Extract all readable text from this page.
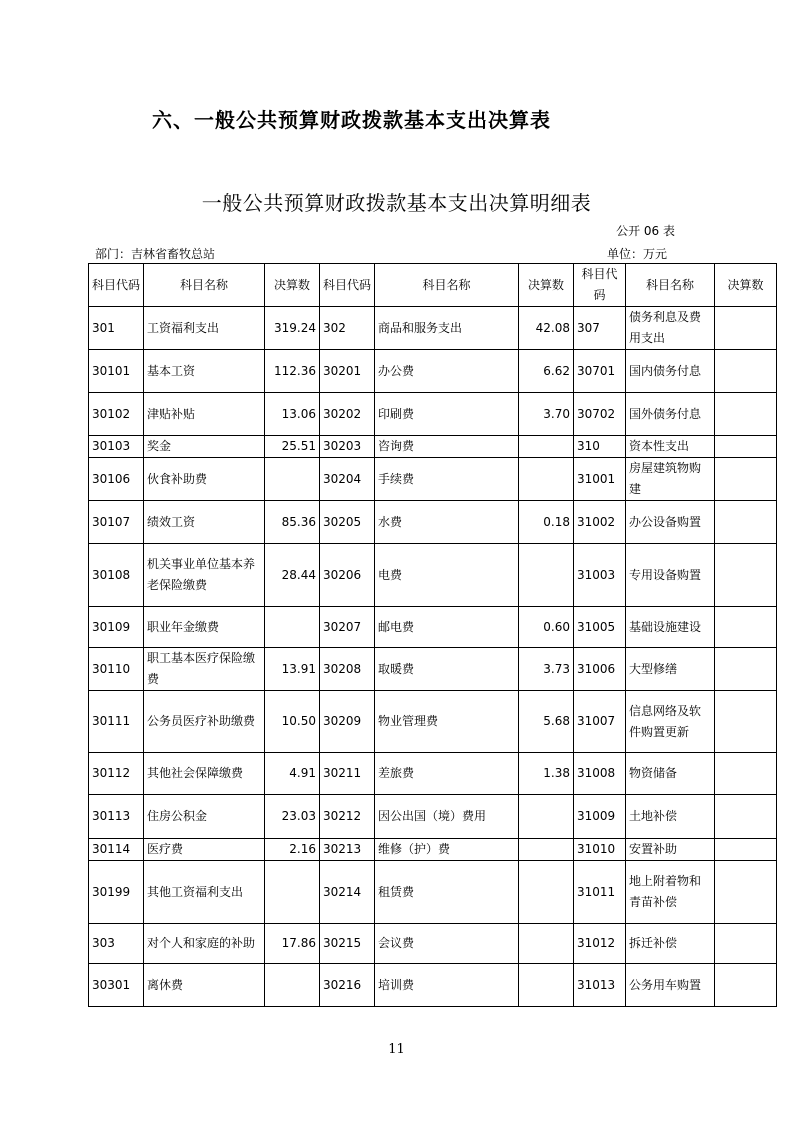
六、一般公共预算财政拨款基本支出决算表
一般公共预算财政拨款基本支出决算明细表
公开 06 表
部门：吉林省畜牧总站	单位：万元
科目代码	科目名称	决算数	科目代码	科目名称	决算数	科目代码	科目名称	决算数
301	工资福利支出	319.24	302	商品和服务支出	42.08	307	债务利息及费用支出	
30101	基本工资	112.36	30201	办公费	6.62	30701	国内债务付息	
30102	津贴补贴	13.06	30202	印刷费	3.70	30702	国外债务付息	
30103	奖金	25.51	30203	咨询费		310	资本性支出	
30106	伙食补助费		30204	手续费		31001	房屋建筑物购建	
30107	绩效工资	85.36	30205	水费	0.18	31002	办公设备购置	
30108	机关事业单位基本养老保险缴费	28.44	30206	电费		31003	专用设备购置	
30109	职业年金缴费		30207	邮电费	0.60	31005	基础设施建设	
30110	职工基本医疗保险缴费	13.91	30208	取暖费	3.73	31006	大型修缮	
30111	公务员医疗补助缴费	10.50	30209	物业管理费	5.68	31007	信息网络及软件购置更新	
30112	其他社会保障缴费	4.91	30211	差旅费	1.38	31008	物资储备	
30113	住房公积金	23.03	30212	因公出国（境）费用		31009	土地补偿	
30114	医疗费	2.16	30213	维修（护）费		31010	安置补助	
30199	其他工资福利支出		30214	租赁费		31011	地上附着物和青苗补偿	
303	对个人和家庭的补助	17.86	30215	会议费		31012	拆迁补偿	
30301	离休费		30216	培训费		31013	公务用车购置	
11
